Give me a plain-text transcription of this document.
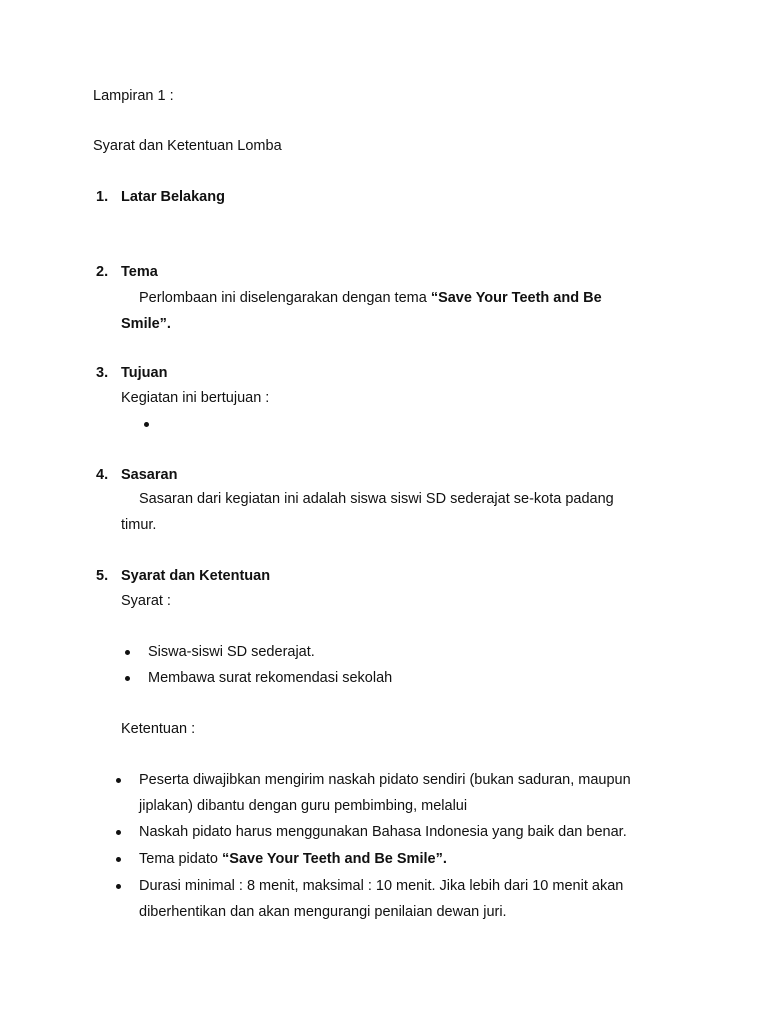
Lampiran 1 :
Syarat dan Ketentuan Lomba
1. Latar Belakang
2. Tema
Perlombaan ini diselengarakan dengan tema “Save Your Teeth and Be
Smile”.
3. Tujuan
Kegiatan ini bertujuan :
4. Sasaran
Sasaran dari kegiatan ini adalah siswa siswi SD sederajat se-kota padang
timur.
5. Syarat dan Ketentuan
Syarat :
Siswa-siswi SD sederajat.
Membawa surat rekomendasi sekolah
Ketentuan :
Peserta diwajibkan mengirim naskah pidato sendiri (bukan saduran, maupun
jiplakan) dibantu dengan guru pembimbing, melalui
Naskah pidato harus menggunakan Bahasa Indonesia yang baik dan benar.
Tema pidato “Save Your Teeth and Be Smile”.
Durasi minimal : 8 menit, maksimal : 10 menit. Jika lebih dari 10 menit akan
diberhentikan dan akan mengurangi penilaian dewan juri.
